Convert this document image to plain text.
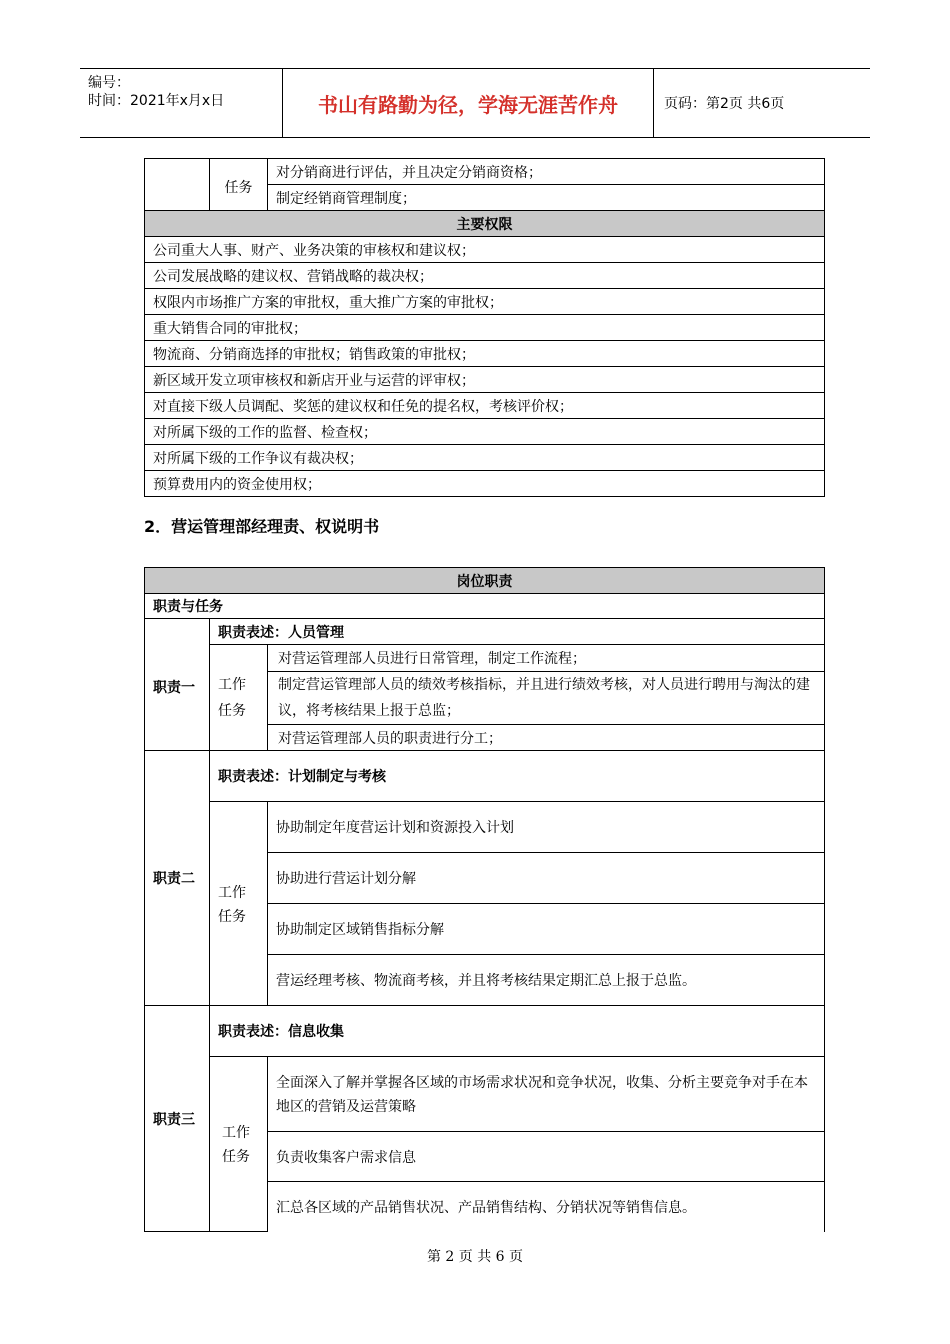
编号：
时间：2021年x月x日	书山有路勤为径，学海无涯苦作舟	页码：第2页 共6页
	任务	对分销商进行评估，并且决定分销商资格；
制定经销商管理制度；
主要权限
公司重大人事、财产、业务决策的审核权和建议权；
公司发展战略的建议权、营销战略的裁决权；
权限内市场推广方案的审批权，重大推广方案的审批权；
重大销售合同的审批权；
物流商、分销商选择的审批权；销售政策的审批权；
新区域开发立项审核权和新店开业与运营的评审权；
对直接下级人员调配、奖惩的建议权和任免的提名权，考核评价权；
对所属下级的工作的监督、检查权；
对所属下级的工作争议有裁决权；
预算费用内的资金使用权；
2．营运管理部经理责、权说明书
岗位职责		
职责与任务		
职责一	职责表述：人员管理	
	工作任务	对营运管理部人员进行日常管理，制定工作流程；
		制定营运管理部人员的绩效考核指标，并且进行绩效考核，对人员进行聘用与淘汰的建议，将考核结果上报于总监；
		对营运管理部人员的职责进行分工；
职责二	职责表述：计划制定与考核	
	工作任务	协助制定年度营运计划和资源投入计划
		协助进行营运计划分解
		协助制定区域销售指标分解
		营运经理考核、物流商考核，并且将考核结果定期汇总上报于总监。
职责三	职责表述：信息收集	
	工作任务	全面深入了解并掌握各区域的市场需求状况和竞争状况，收集、分析主要竞争对手在本地区的营销及运营策略
		负责收集客户需求信息
		汇总各区域的产品销售状况、产品销售结构、分销状况等销售信息。
第 2 页 共 6 页
